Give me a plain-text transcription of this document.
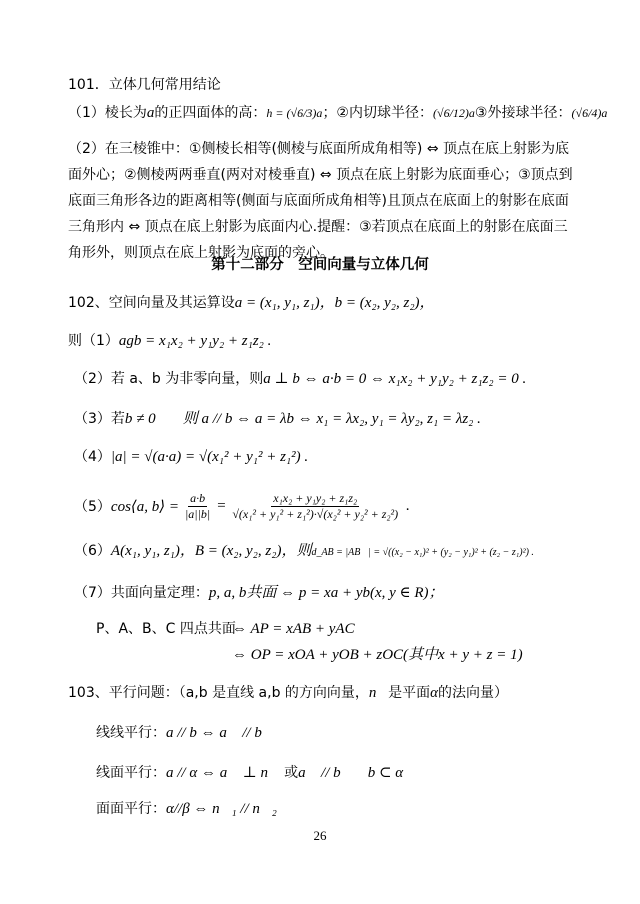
101．立体几何常用结论
（1）棱长为a的正四面体的高：h = (√6/3)a；②内切球半径：(√6/12)a③外接球半径：(√6/4)a
（2）在三棱锥中：①侧棱长相等(侧棱与底面所成角相等) ⇔ 顶点在底上射影为底面外心；②侧棱两两垂直(两对对棱垂直) ⇔ 顶点在底上射影为底面垂心；③顶点到底面三角形各边的距离相等(侧面与底面所成角相等)且顶点在底面上的射影在底面三角形内 ⇔ 顶点在底上射影为底面内心.提醒：③若顶点在底面上的射影在底面三角形外，则顶点在底上射影为底面的旁心。
第十二部分　空间向量与立体几何
102、空间向量及其运算设a = (x₁, y₁, z₁)，b = (x₂, y₂, z₂)，
则（1）agb = x₁x₂ + y₁y₂ + z₁z₂ .
（2）若 a、b 为非零向量，则a ⊥ b ⇔ a·b = 0 ⇔ x₁x₂ + y₁y₂ + z₁z₂ = 0 .
（3）若b ≠ 0⃗ ，则 a // b ⇔ a = λb ⇔ x₁ = λx₂, y₁ = λy₂, z₁ = λz₂ .
（4）|a| = √(a·a) = √(x₁² + y₁² + z₁²) .
（5） cos⟨a, b⟩ = $\frac{a\cdot b}{|a||b|} = \frac{\text{x₁x₂ + y₁y₂ + z₁z₂}}{\text{√(x₁² + y₁² + z₁²)·√(x₂² + y₂² + z₂²)}}$ .
（6）A(x₁, y₁, z₁)，B = (x₂, y₂, z₂)，则d_AB = |AB⃗| = √((x₂ − x₁)² + (y₂ − y₁)² + (z₂ − z₁)²) .
（7）共面向量定理：p, a, b共面 ⇔ p = xa + yb(x, y ∈ R)；
P、A、B、C 四点共面
⇔ AP = xAB + yAC
⇔ OP = xOA + yOB + zOC(其中x + y + z = 1)
103、平行问题：（a,b 是直线 a,b 的方向向量，n⃗是平面α的法向量）
线线平行：a // b ⇔ a⃗ // b⃗
线面平行：a // α ⇔ a⃗ ⊥ n⃗ 或a⃗ // b⃗ ，b ⊂ α
面面平行：α//β ⇔ n⃗₁ // n⃗₂
26
